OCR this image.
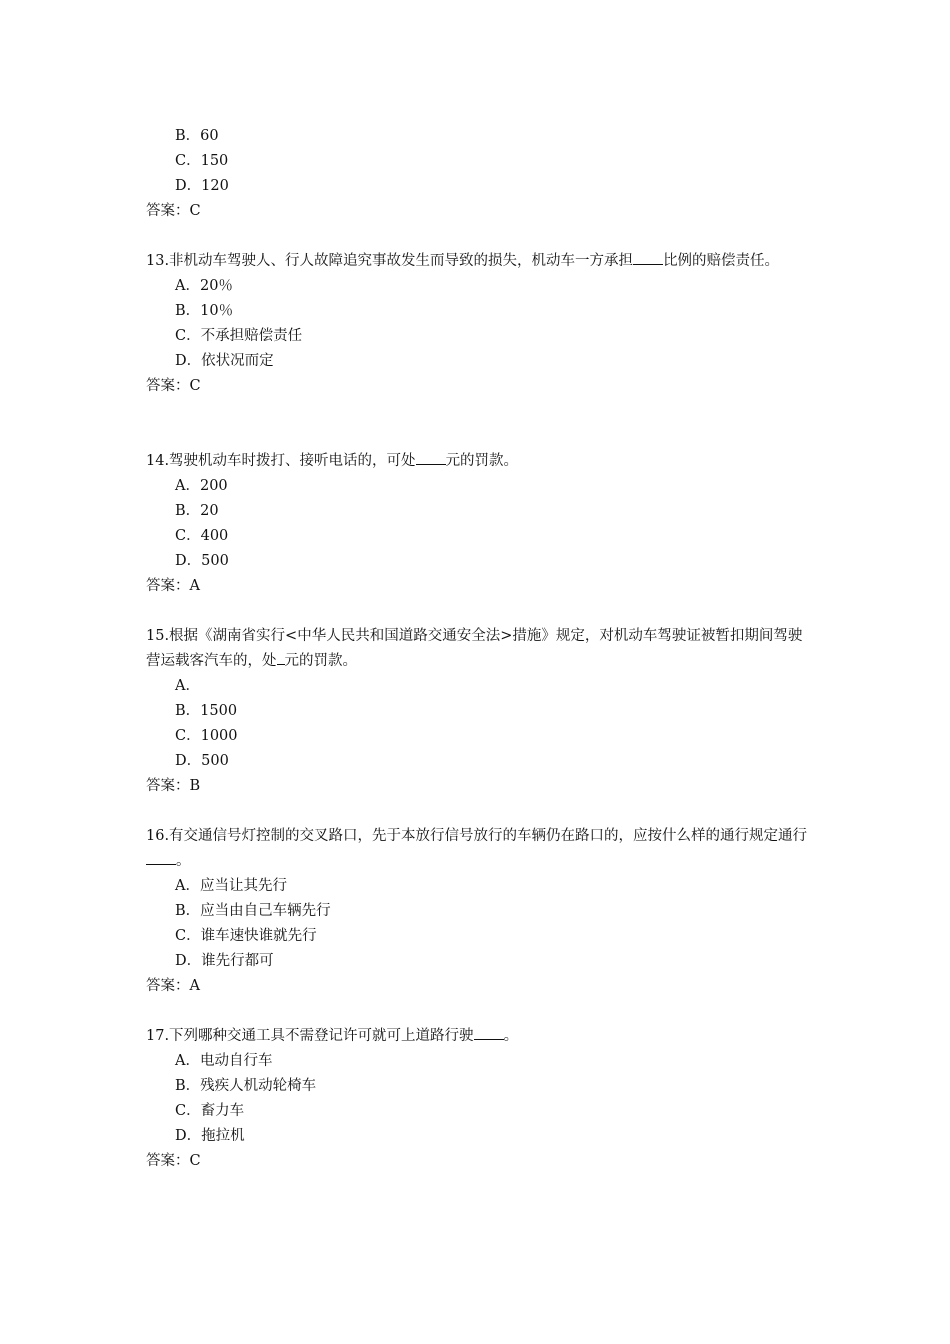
B．60
C．150
D．120
答案：C
13.非机动车驾驶人、行人故障追究事故发生而导致的损失，机动车一方承担 比例的赔偿责任。
A．20％
B．10％
C．不承担赔偿责任
D．依状况而定
答案：C
14.驾驶机动车时拨打、接听电话的，可处 元的罚款。
A．200
B．20
C．400
D．500
答案：A
15.根据《湖南省实行<中华人民共和国道路交通安全法>措施》规定，对机动车驾驶证被暂扣期间驾驶营运载客汽车的，处 元的罚款。
A．
B．1500
C．1000
D．500
答案：B
16.有交通信号灯控制的交叉路口，先于本放行信号放行的车辆仍在路口的，应按什么样的通行规定通行。
A．应当让其先行
B．应当由自己车辆先行
C．谁车速快谁就先行
D．谁先行都可
答案：A
17.下列哪种交通工具不需登记许可就可上道路行驶 。
A．电动自行车
B．残疾人机动轮椅车
C．畜力车
D．拖拉机
答案：C
